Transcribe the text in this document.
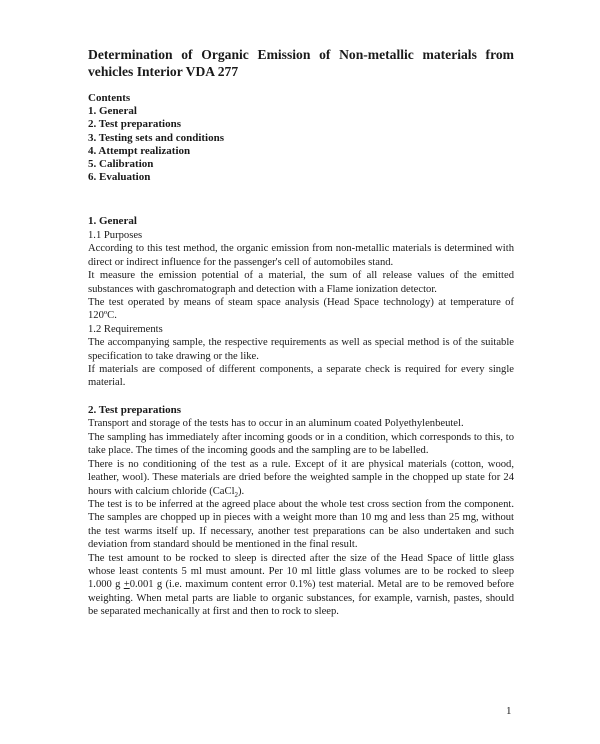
Determination of Organic Emission of Non-metallic materials from vehicles Interior VDA 277

Contents
1. General
2. Test preparations
3. Testing sets and conditions
4. Attempt realization
5. Calibration
6. Evaluation
1. General
1.1 Purposes

According to this test method, the organic emission from non-metallic materials is determined with direct or indirect influence for the passenger's cell of automobiles stand.

It measure the emission potential of a material, the sum of all release values of the emitted substances with gaschromatograph and detection with a Flame ionization detector.

The test operated by means of steam space analysis (Head Space technology) at temperature of 120ºC.

1.2 Requirements

The accompanying sample, the respective requirements as well as special method is of the suitable specification to take drawing or the like.

If materials are composed of different components, a separate check is required for every single material.

2. Test preparations

Transport and storage of the tests has to occur in an aluminum coated Polyethylenbeutel.

The sampling has immediately after incoming goods or in a condition, which corresponds to this, to take place. The times of the incoming goods and the sampling are to be labelled.

There is no conditioning of the test as a rule. Except of it are physical materials (cotton, wood, leather, wool). These materials are dried before the weighted sample in the chopped up state for 24 hours with calcium chloride (CaCl$_2$).

The test is to be inferred at the agreed place about the whole test cross section from the component. The samples are chopped up in pieces with a weight more than 10 mg and less than 25 mg, without the test warms itself up. If necessary, another test preparations can be also undertaken and such deviation from standard should be mentioned in the final result.

The test amount to be rocked to sleep is directed after the size of the Head Space of little glass whose least contents 5 ml must amount. Per 10 ml little glass volumes are to be rocked to sleep 1.000 g +0.001 g (i.e. maximum content error 0.1%) test material. Metal are to be removed before weighting. When metal parts are liable to organic substances, for example, varnish, pastes, should be separated mechanically at first and then to rock to sleep.

1
